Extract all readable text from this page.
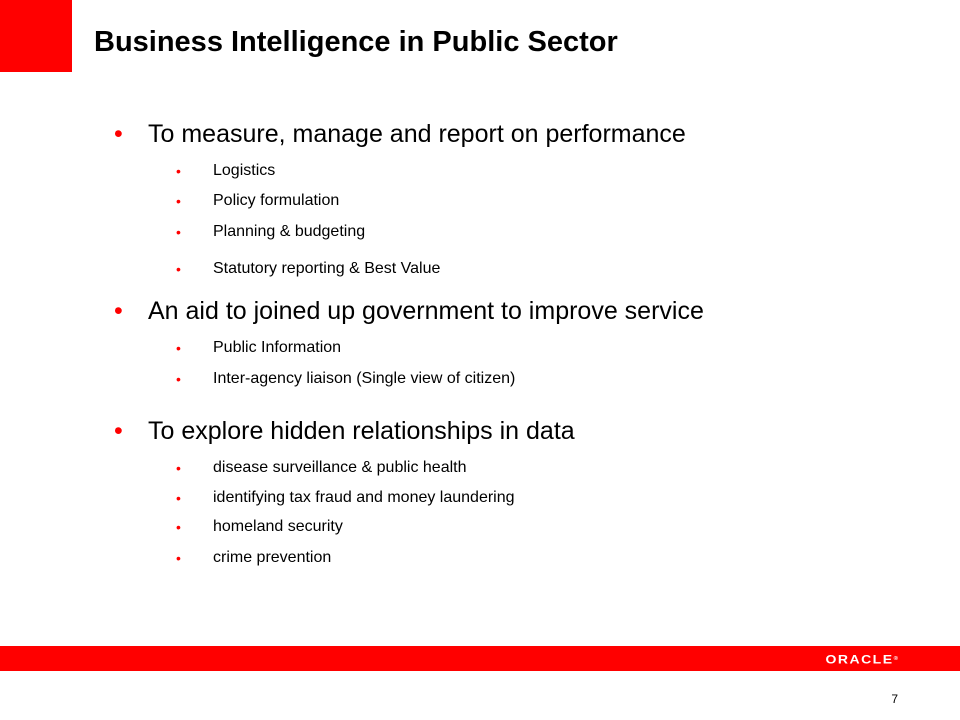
Business Intelligence in Public Sector
• To measure, manage and report on performance
• Logistics
• Policy formulation
• Planning & budgeting
• Statutory reporting & Best Value
• An aid to joined up government to improve service
• Public Information
• Inter-agency liaison (Single view of citizen)
• To explore hidden relationships in data
• disease surveillance & public health
• identifying tax fraud and money laundering
• homeland security
• crime prevention
ORACLE®
7
